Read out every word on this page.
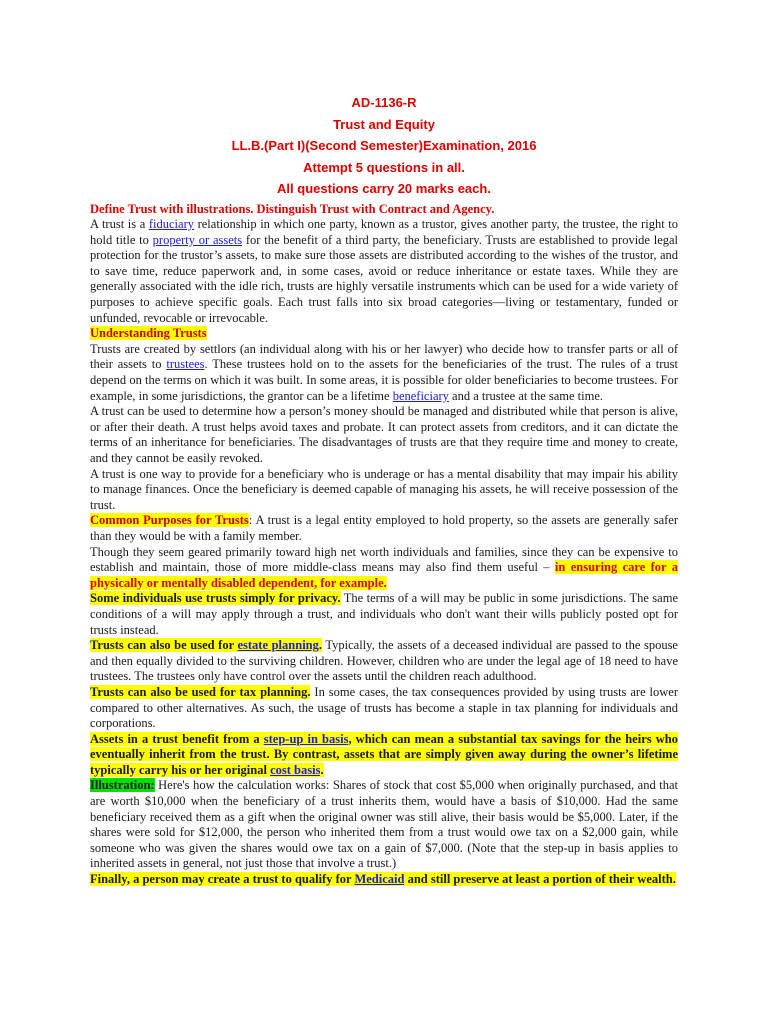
AD-1136-R
Trust and Equity
LL.B.(Part I)(Second Semester)Examination, 2016
Attempt 5 questions in all.
All questions carry 20 marks each.
Define Trust with illustrations. Distinguish Trust with Contract and Agency.

A trust is a fiduciary relationship in which one party, known as a trustor, gives another party, the trustee, the right to hold title to property or assets for the benefit of a third party, the beneficiary. Trusts are established to provide legal protection for the trustor’s assets, to make sure those assets are distributed according to the wishes of the trustor, and to save time, reduce paperwork and, in some cases, avoid or reduce inheritance or estate taxes. While they are generally associated with the idle rich, trusts are highly versatile instruments which can be used for a wide variety of purposes to achieve specific goals. Each trust falls into six broad categories—living or testamentary, funded or unfunded, revocable or irrevocable.

Understanding Trusts

Trusts are created by settlors (an individual along with his or her lawyer) who decide how to transfer parts or all of their assets to trustees. These trustees hold on to the assets for the beneficiaries of the trust. The rules of a trust depend on the terms on which it was built. In some areas, it is possible for older beneficiaries to become trustees. For example, in some jurisdictions, the grantor can be a lifetime beneficiary and a trustee at the same time.

A trust can be used to determine how a person’s money should be managed and distributed while that person is alive, or after their death. A trust helps avoid taxes and probate. It can protect assets from creditors, and it can dictate the terms of an inheritance for beneficiaries. The disadvantages of trusts are that they require time and money to create, and they cannot be easily revoked.

A trust is one way to provide for a beneficiary who is underage or has a mental disability that may impair his ability to manage finances. Once the beneficiary is deemed capable of managing his assets, he will receive possession of the trust.

Common Purposes for Trusts: A trust is a legal entity employed to hold property, so the assets are generally safer than they would be with a family member.

Though they seem geared primarily toward high net worth individuals and families, since they can be expensive to establish and maintain, those of more middle-class means may also find them useful – in ensuring care for a physically or mentally disabled dependent, for example.

Some individuals use trusts simply for privacy. The terms of a will may be public in some jurisdictions. The same conditions of a will may apply through a trust, and individuals who don't want their wills publicly posted opt for trusts instead.

Trusts can also be used for estate planning. Typically, the assets of a deceased individual are passed to the spouse and then equally divided to the surviving children. However, children who are under the legal age of 18 need to have trustees. The trustees only have control over the assets until the children reach adulthood.

Trusts can also be used for tax planning. In some cases, the tax consequences provided by using trusts are lower compared to other alternatives. As such, the usage of trusts has become a staple in tax planning for individuals and corporations.

Assets in a trust benefit from a step-up in basis, which can mean a substantial tax savings for the heirs who eventually inherit from the trust. By contrast, assets that are simply given away during the owner’s lifetime typically carry his or her original cost basis.

Illustration: Here's how the calculation works: Shares of stock that cost $5,000 when originally purchased, and that are worth $10,000 when the beneficiary of a trust inherits them, would have a basis of $10,000. Had the same beneficiary received them as a gift when the original owner was still alive, their basis would be $5,000. Later, if the shares were sold for $12,000, the person who inherited them from a trust would owe tax on a $2,000 gain, while someone who was given the shares would owe tax on a gain of $7,000. (Note that the step-up in basis applies to inherited assets in general, not just those that involve a trust.)

Finally, a person may create a trust to qualify for Medicaid and still preserve at least a portion of their wealth.
